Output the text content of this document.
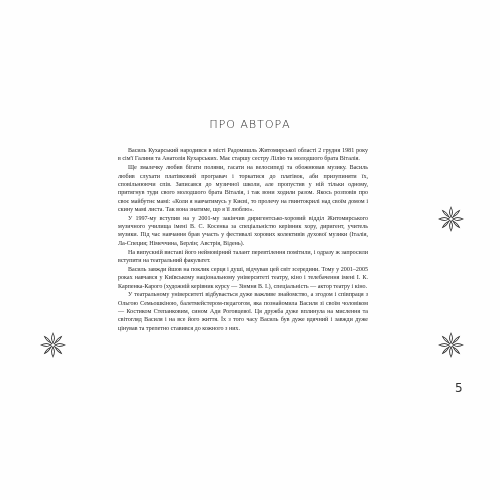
ПРО АВТОРА

Василь Кухарський народився в місті Радомишль Житомирської області 2 грудня 1981 року в сім'ї Галини та Анатолія Кухарських. Має старшу сестру Лілію та молодшого брата Віталія.

Ще змалечку любив бігати полями, гасати на велосипеді та обожнював музику. Василь любив слухати платівковий програвач і торкатися до платівок, аби призупиняти їх, сповільнюючи спів. Записався до музичної школи, але пропустив у ній тільки одному, притягнув туди свого молодшого брата Віталія, і так вони ходили разом. Якось розповів про своє майбутнє мамі: «Коли я навчатимусь у Києві, то пролечу на гвинтокрилі над своїм домом і скину мамі листа. Так вона знатиме, що я її люблю».

У 1997-му вступив на у 2001-му закінчив диригентсько-хоровий відділ Житомирського музичного училища імені В. С. Косенка за спеціальністю керівник хору, диригент, учитель музики. Під час навчання брав участь у фестивалі хорових колективів духової музики (Італія, Ла-Специя; Німеччина, Берлін; Австрія, Відень).

На випускній виставі його неймовірний талант перевтілення помітили, і одразу ж запросили вступити на театральний факультет.

Василь завжди йшов на поклик серця і душі, відчував цей світ зсередини. Тому у 2001–2005 роках навчався у Київському національному університеті театру, кіно і телебачення імені І. К. Карпенка-Карого (художній керівник курсу — Зінмня В. І.), спеціальність — актор театру і кіно.

У театральному університеті відбувається дуже важливе знайомство, а згодом і співпраця з Ольгою Семьошкіною, балетмейстером-педагогом, яка познайомила Василя зі своїм чоловіком — Костиком Степанковим, сином Ади Роговцевої. Ця дружба дуже вплинула на мислення та світогляд Василя і на все його життя. Їх з того часу Василь був дуже вдячний і завжди дуже цінував та трепетно ставився до кожного з них.

5
